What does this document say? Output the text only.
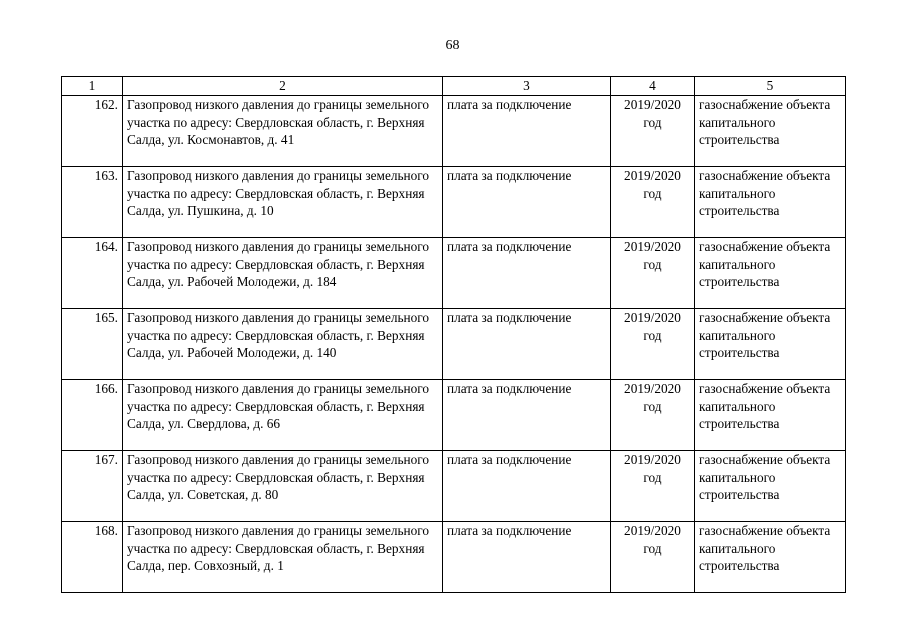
68
1	2	3	4	5
162.	Газопровод низкого давления до границы земельного участка по адресу: Свердловская область, г. Верхняя Салда, ул. Космонавтов, д. 41	плата за подключение	2019/2020 год	газоснабжение объекта капитального строительства
163.	Газопровод низкого давления до границы земельного участка по адресу: Свердловская область, г. Верхняя Салда, ул. Пушкина, д. 10	плата за подключение	2019/2020 год	газоснабжение объекта капитального строительства
164.	Газопровод низкого давления до границы земельного участка по адресу: Свердловская область, г. Верхняя Салда, ул. Рабочей Молодежи, д. 184	плата за подключение	2019/2020 год	газоснабжение объекта капитального строительства
165.	Газопровод низкого давления до границы земельного участка по адресу: Свердловская область, г. Верхняя Салда, ул. Рабочей Молодежи, д. 140	плата за подключение	2019/2020 год	газоснабжение объекта капитального строительства
166.	Газопровод низкого давления до границы земельного участка по адресу: Свердловская область, г. Верхняя Салда, ул. Свердлова, д. 66	плата за подключение	2019/2020 год	газоснабжение объекта капитального строительства
167.	Газопровод низкого давления до границы земельного участка по адресу: Свердловская область, г. Верхняя Салда, ул. Советская, д. 80	плата за подключение	2019/2020 год	газоснабжение объекта капитального строительства
168.	Газопровод низкого давления до границы земельного участка по адресу: Свердловская область, г. Верхняя Салда, пер. Совхозный, д. 1	плата за подключение	2019/2020 год	газоснабжение объекта капитального строительства
